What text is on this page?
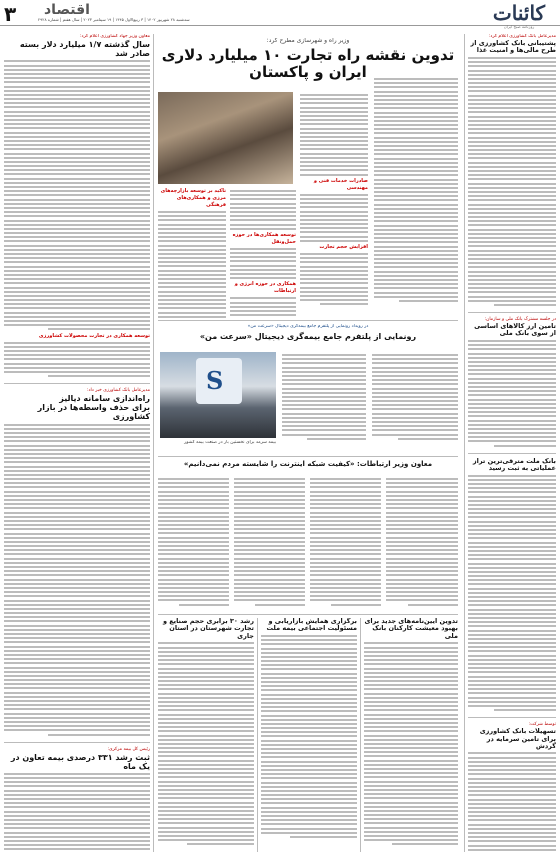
۳ اقتصاد
سه‌شنبه ۲۸ شهریور ۱۴۰۲ | ۳ ربیع‌الاول ۱۴۴۵ | ۱۹ سپتامبر ۲۰۲۳ | سال هفتم | شماره ۲۹۲۸	کائنات
روزنامه صبح ایران
مدیرعامل بانک کشاورزی اعلام کرد:
پشتیبانی بانک کشاورزی از طرح مالی‌ها و امنیت غذا
در جلسه مشترک بانک ملی و سازمان:
تامین ارز کالاهای اساسی از سوی بانک ملی
بانک ملت مترقی‌ترین تراز عملیاتی به ثبت رسید
توسط شرکت:
تسهیلات بانک کشاورزی برای تامین سرمایه در گردش
معاون وزیر جهاد کشاورزی اعلام کرد:
سال گذشته ۱/۷ میلیارد دلار بسته صادر شد
توسعه همکاری در تجارت محصولات کشاورزی
مدیرعامل بانک کشاورزی خبر داد:
راه‌اندازی سامانه دیالیز
برای حذف واسطه‌ها در بازار کشاورزی
رئیس کل بیمه مرکزی:
ثبت رشد ۳۳۱ درصدی بیمه تعاون در یک ماه
وزیر راه و شهرسازی مطرح کرد:
تدوین نقشه راه تجارت ۱۰ میلیارد دلاری ایران و پاکستان
صادرات خدمات فنی و مهندسی
افزایش حجم تجارت
تاکید بر توسعه بازارچه‌های مرزی و همکاری‌های فرهنگی
توسعه همکاری‌ها در حوزه حمل‌ونقل
همکاری در حوزه انرژی و ارتباطات
در رویداد رونمایی از پلتفرم جامع بیمه‌گری دیجیتال «سرعت من»
رونمایی از پلتفرم جامع بیمه‌گری دیجیتال «سرعت من»
S
بیمه سرمد برای نخستین بار در صنعت بیمه کشور
معاون وزیر ارتباطات: «کیفیت شبکه اینترنت را شایسته مردم نمی‌دانیم»
رشد ۳۰ برابری حجم صنایع و تجارت شهرستان در استان جاری
برگزاری همایش بازاریابی و مسئولیت اجتماعی بیمه ملت
تدوین آیین‌نامه‌های جدید برای بهبود معیشت کارکنان بانک ملی
